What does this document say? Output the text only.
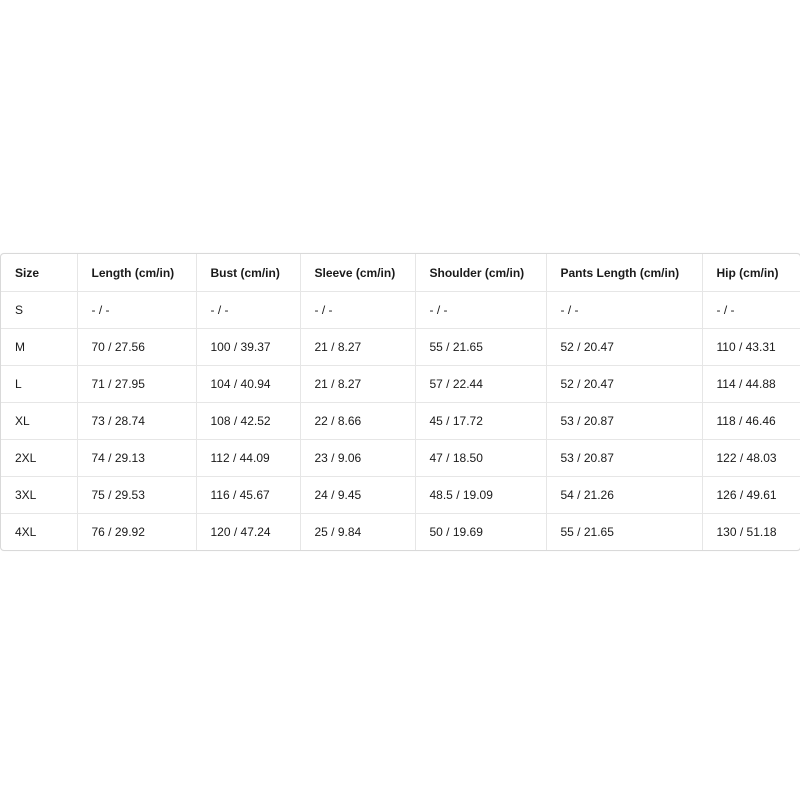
Size	Length (cm/in)	Bust (cm/in)	Sleeve (cm/in)	Shoulder (cm/in)	Pants Length (cm/in)	Hip (cm/in)
S	- / -	- / -	- / -	- / -	- / -	- / -
M	70 / 27.56	100 / 39.37	21 / 8.27	55 / 21.65	52 / 20.47	110 / 43.31
L	71 / 27.95	104 / 40.94	21 / 8.27	57 / 22.44	52 / 20.47	114 / 44.88
XL	73 / 28.74	108 / 42.52	22 / 8.66	45 / 17.72	53 / 20.87	118 / 46.46
2XL	74 / 29.13	112 / 44.09	23 / 9.06	47 / 18.50	53 / 20.87	122 / 48.03
3XL	75 / 29.53	116 / 45.67	24 / 9.45	48.5 / 19.09	54 / 21.26	126 / 49.61
4XL	76 / 29.92	120 / 47.24	25 / 9.84	50 / 19.69	55 / 21.65	130 / 51.18
